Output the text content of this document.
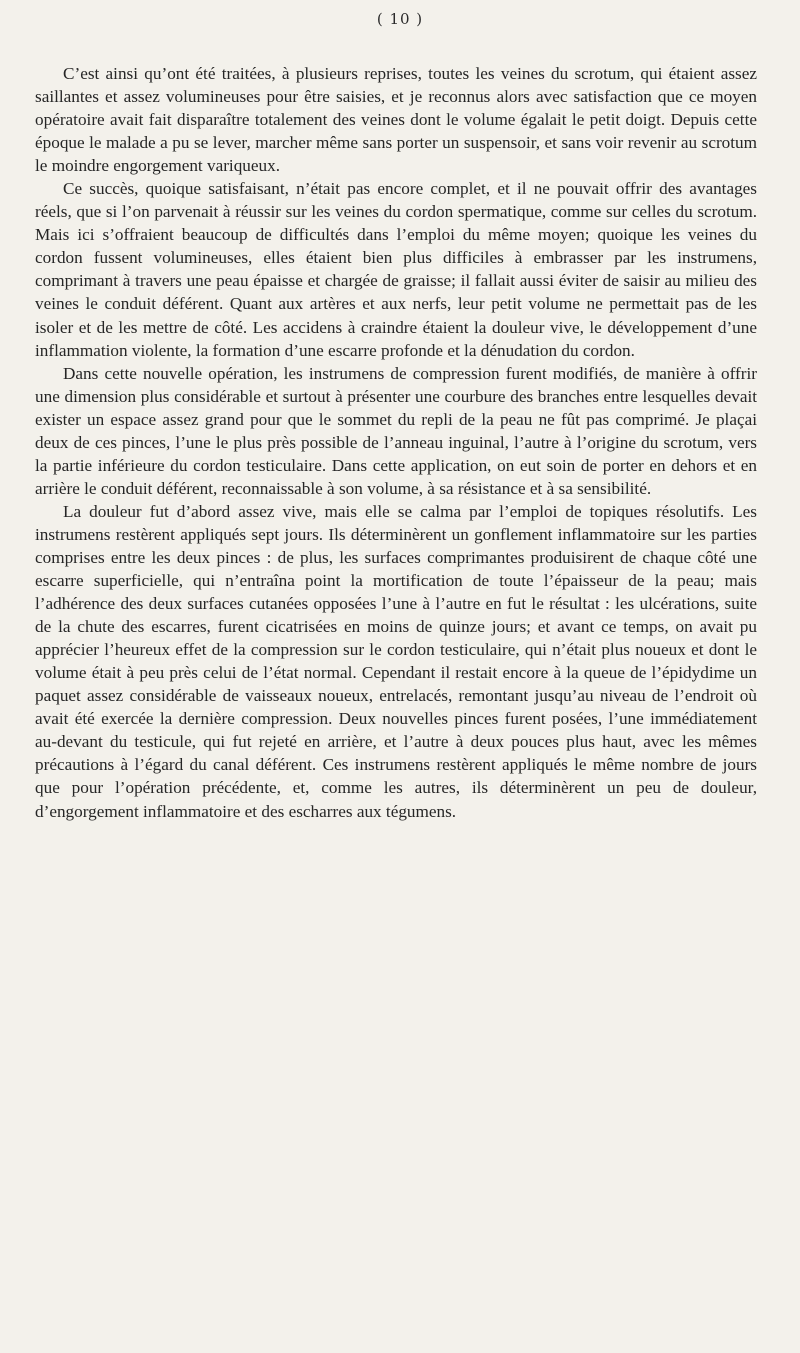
( 10 )

C’est ainsi qu’ont été traitées, à plusieurs reprises, toutes les veines du scrotum, qui étaient assez saillantes et assez volumineuses pour être saisies, et je reconnus alors avec satisfaction que ce moyen opératoire avait fait disparaître totalement des veines dont le volume égalait le petit doigt. Depuis cette époque le malade a pu se lever, marcher même sans porter un suspensoir, et sans voir revenir au scrotum le moindre engorgement variqueux.

Ce succès, quoique satisfaisant, n’était pas encore complet, et il ne pouvait offrir des avantages réels, que si l’on parvenait à réussir sur les veines du cordon spermatique, comme sur celles du scrotum. Mais ici s’offraient beaucoup de difficultés dans l’emploi du même moyen; quoique les veines du cordon fussent volumineuses, elles étaient bien plus difficiles à embrasser par les instrumens, comprimant à travers une peau épaisse et chargée de graisse; il fallait aussi éviter de saisir au milieu des veines le conduit déférent. Quant aux artères et aux nerfs, leur petit volume ne permettait pas de les isoler et de les mettre de côté. Les accidens à craindre étaient la douleur vive, le développement d’une inflammation violente, la formation d’une escarre profonde et la dénudation du cordon.

Dans cette nouvelle opération, les instrumens de compression furent modifiés, de manière à offrir une dimension plus considérable et surtout à présenter une courbure des branches entre lesquelles devait exister un espace assez grand pour que le sommet du repli de la peau ne fût pas comprimé. Je plaçai deux de ces pinces, l’une le plus près possible de l’anneau inguinal, l’autre à l’origine du scrotum, vers la partie inférieure du cordon testiculaire. Dans cette application, on eut soin de porter en dehors et en arrière le conduit déférent, reconnaissable à son volume, à sa résistance et à sa sensibilité.

La douleur fut d’abord assez vive, mais elle se calma par l’emploi de topiques résolutifs. Les instrumens restèrent appliqués sept jours. Ils déterminèrent un gonflement inflammatoire sur les parties comprises entre les deux pinces : de plus, les surfaces comprimantes produisirent de chaque côté une escarre superficielle, qui n’entraîna point la mortification de toute l’épaisseur de la peau; mais l’adhérence des deux surfaces cutanées opposées l’une à l’autre en fut le résultat : les ulcérations, suite de la chute des escarres, furent cicatrisées en moins de quinze jours; et avant ce temps, on avait pu apprécier l’heureux effet de la compression sur le cordon testiculaire, qui n’était plus noueux et dont le volume était à peu près celui de l’état normal. Cependant il restait encore à la queue de l’épidydime un paquet assez considérable de vaisseaux noueux, entrelacés, remontant jusqu’au niveau de l’endroit où avait été exercée la dernière compression. Deux nouvelles pinces furent posées, l’une immédiatement au-devant du testicule, qui fut rejeté en arrière, et l’autre à deux pouces plus haut, avec les mêmes précautions à l’égard du canal déférent. Ces instrumens restèrent appliqués le même nombre de jours que pour l’opération précédente, et, comme les autres, ils déterminèrent un peu de douleur, d’engorgement inflammatoire et des escharres aux tégumens.
